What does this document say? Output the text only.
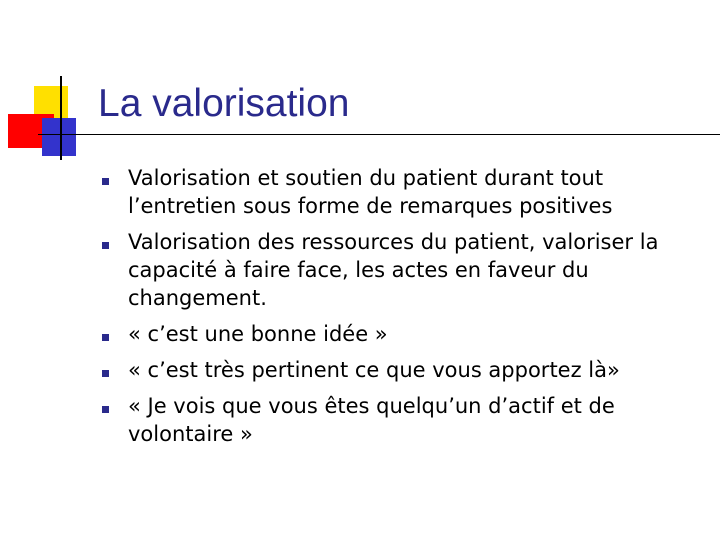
La valorisation
Valorisation et soutien du patient durant tout l’entretien sous forme de remarques positives
Valorisation des ressources du patient, valoriser la capacité à faire face, les actes en faveur du changement.
« c’est une bonne idée »
« c’est très pertinent ce que vous apportez là»
« Je vois que vous êtes quelqu’un d’actif et de volontaire »
